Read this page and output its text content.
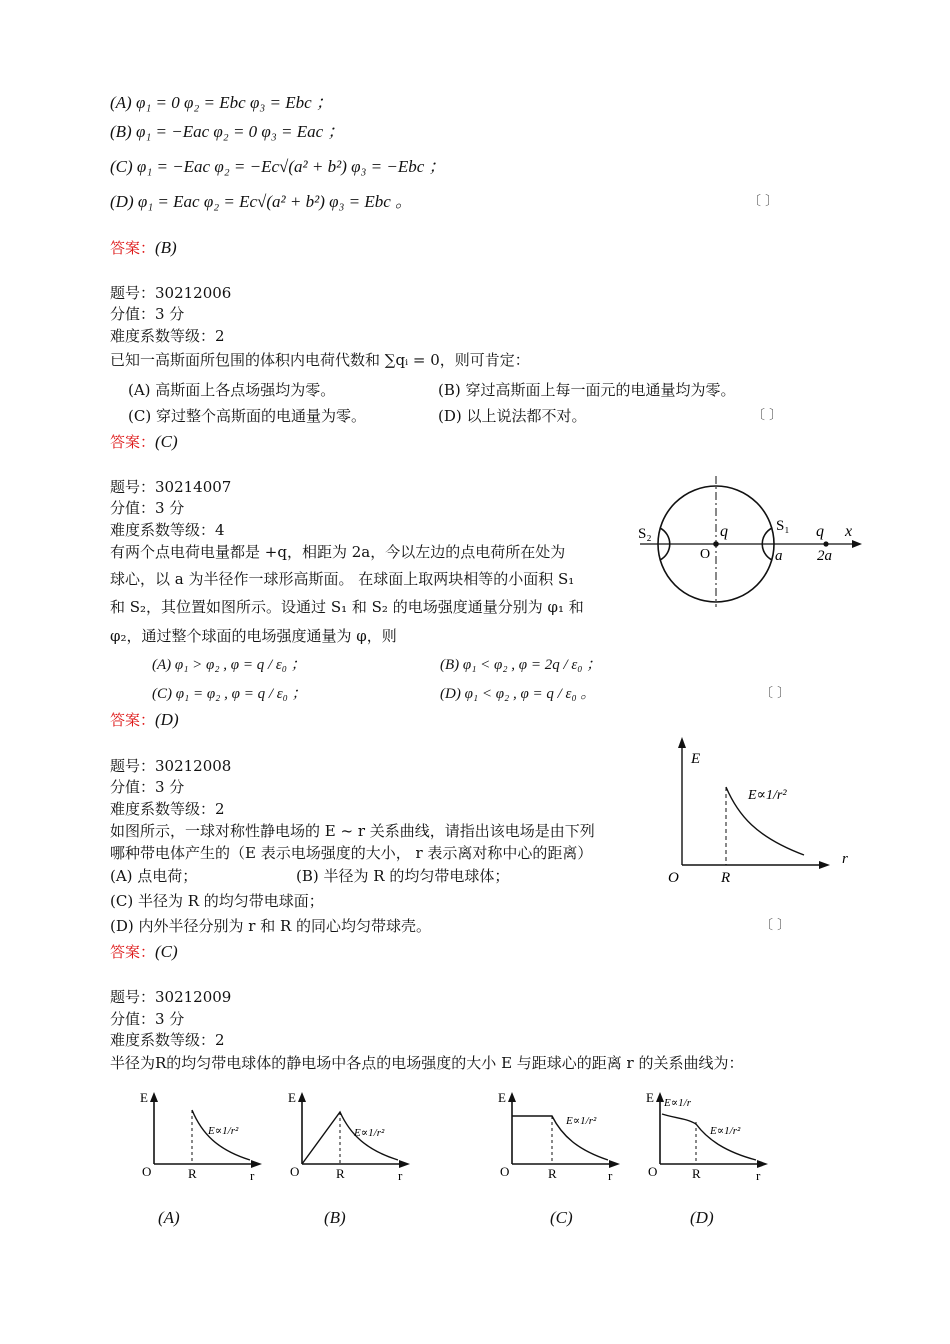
(A) φ₁ = 0 φ₂ = Ebc φ₃ = Ebc ；
(B) φ₁ = −Eac φ₂ = 0 φ₃ = Eac ；
(C) φ₁ = −Eac φ₂ = −Ec√(a² + b²) φ₃ = −Ebc ；
(D) φ₁ = Eac φ₂ = Ec√(a² + b²) φ₃ = Ebc 。	〔 〕
答案：(B)
题号：30212006
分值：3 分
难度系数等级：2
已知一高斯面所包围的体积内电荷代数和 ∑qᵢ = 0，则可肯定：
(A) 高斯面上各点场强均为零。	(B) 穿过高斯面上每一面元的电通量均为零。
(C) 穿过整个高斯面的电通量为零。	(D) 以上说法都不对。	〔 〕
答案：(C)
题号：30214007
分值：3 分
难度系数等级：4
有两个点电荷电量都是 +q，相距为 2a，今以左边的点电荷所在处为
球心，以 a 为半径作一球形高斯面。 在球面上取两块相等的小面积 S₁
和 S₂，其位置如图所示。设通过 S₁ 和 S₂ 的电场强度通量分别为 φ₁ 和
φ₂，通过整个球面的电场强度通量为 φ，则
(A) φ₁ > φ₂ , φ = q / ε₀ ；	(B) φ₁ < φ₂ , φ = 2q / ε₀ ；
(C) φ₁ = φ₂ , φ = q / ε₀ ；	(D) φ₁ < φ₂ , φ = q / ε₀ 。	〔 〕
答案：(D)
S₂	S₁
q
O	a
q
2a
x
题号：30212008
分值：3 分
难度系数等级：2
如图所示，一球对称性静电场的 E ~ r 关系曲线，请指出该电场是由下列
哪种带电体产生的（E 表示电场强度的大小， r 表示离对称中心的距离）
(A) 点电荷；	(B) 半径为 R 的均匀带电球体；
(C) 半径为 R 的均匀带电球面；
(D) 内外半径分别为 r 和 R 的同心均匀带球壳。	〔 〕
答案：(C)
E
E∝1/r²
O	R
r
题号：30212009
分值：3 分
难度系数等级：2
半径为R的均匀带电球体的静电场中各点的电场强度的大小 E 与距球心的距离 r 的关系曲线为：
E
E∝1/r²
O	R	r
E
E∝1/r²
O	R	r
E
E∝1/r²
O	R	r
E E∝1/r
E∝1/r²
O	R	r
(A)	(B)	(C)	(D)
